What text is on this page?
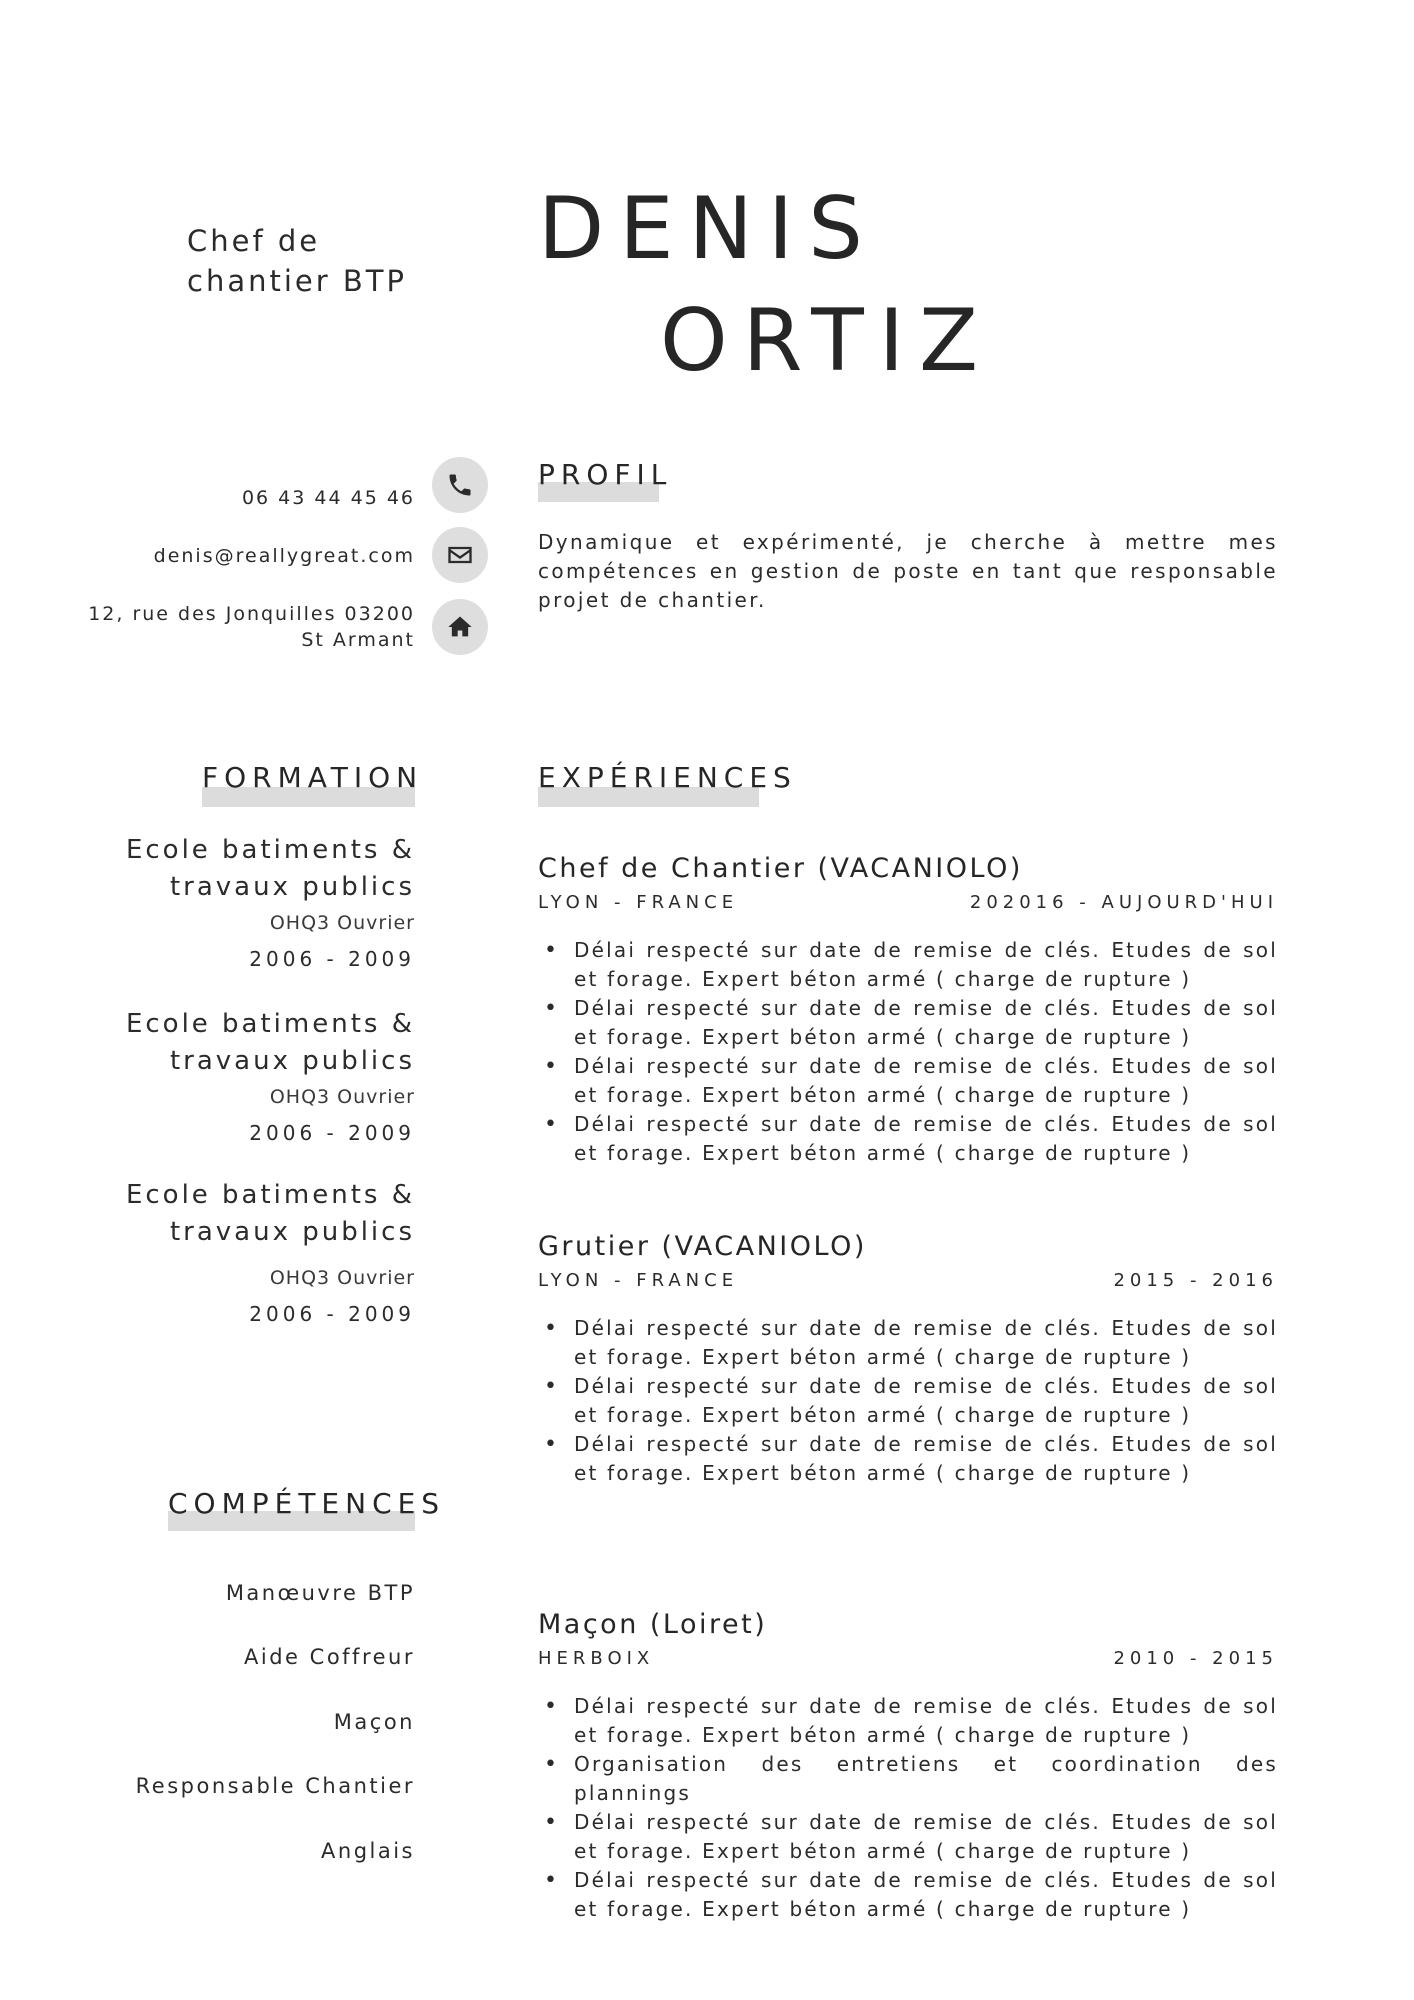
Chef de chantier BTP
DENIS
ORTIZ
06 43 44 45 46
denis@reallygreat.com
12, rue des Jonquilles 03200
St Armant
PROFIL
Dynamique et expérimenté, je cherche à mettre mes compétences en gestion de poste en tant que responsable projet de chantier.
FORMATION
Ecole batiments & travaux publics
OHQ3 Ouvrier
2006 - 2009
Ecole batiments & travaux publics
OHQ3 Ouvrier
2006 - 2009
Ecole batiments & travaux publics
OHQ3 Ouvrier
2006 - 2009
COMPÉTENCES
Manœuvre BTP
Aide Coffreur
Maçon
Responsable Chantier
Anglais
EXPÉRIENCES
Chef de Chantier (VACANIOLO)
LYON - FRANCE	202016 - AUJOURD'HUI
• Délai respecté sur date de remise de clés. Etudes de sol et forage. Expert béton armé ( charge de rupture )
• Délai respecté sur date de remise de clés. Etudes de sol et forage. Expert béton armé ( charge de rupture )
• Délai respecté sur date de remise de clés. Etudes de sol et forage. Expert béton armé ( charge de rupture )
• Délai respecté sur date de remise de clés. Etudes de sol et forage. Expert béton armé ( charge de rupture )
Grutier (VACANIOLO)
LYON - FRANCE	2015 - 2016
• Délai respecté sur date de remise de clés. Etudes de sol et forage. Expert béton armé ( charge de rupture )
• Délai respecté sur date de remise de clés. Etudes de sol et forage. Expert béton armé ( charge de rupture )
• Délai respecté sur date de remise de clés. Etudes de sol et forage. Expert béton armé ( charge de rupture )
Maçon (Loiret)
HERBOIX	2010 - 2015
• Délai respecté sur date de remise de clés. Etudes de sol et forage. Expert béton armé ( charge de rupture )
• Organisation des entretiens et coordination des plannings
• Délai respecté sur date de remise de clés. Etudes de sol et forage. Expert béton armé ( charge de rupture )
• Délai respecté sur date de remise de clés. Etudes de sol et forage. Expert béton armé ( charge de rupture )
